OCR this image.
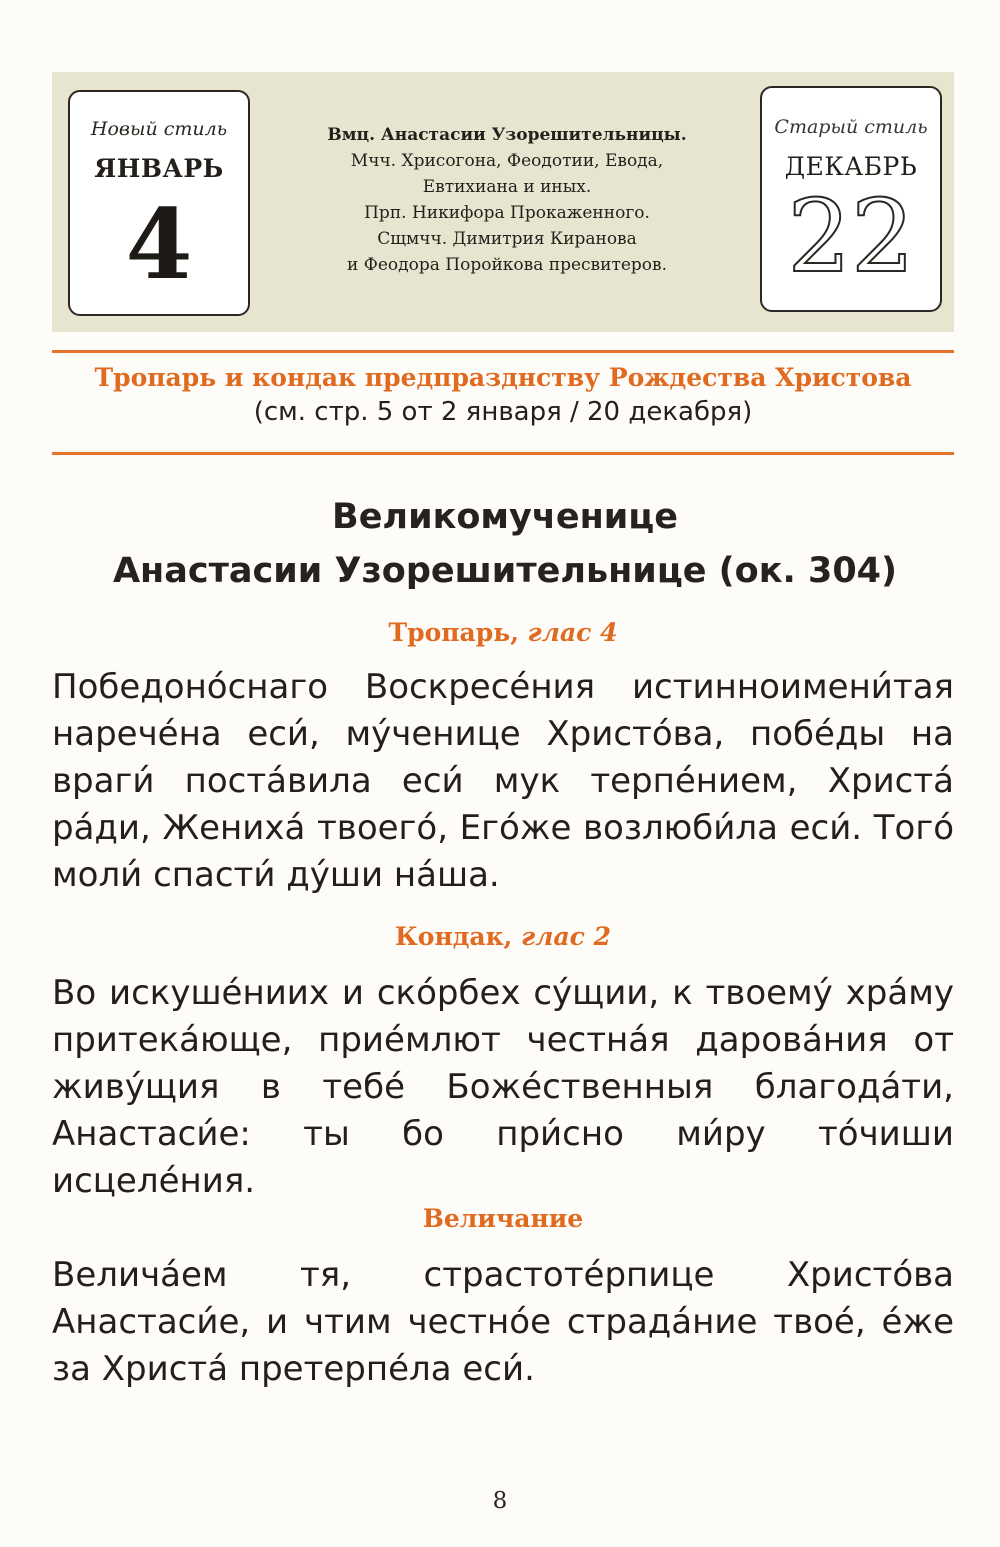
Новый стиль
ЯНВАРЬ
4
Вмц. Анастасии Узорешительницы.
Мчч. Хрисогона, Феодотии, Евода,
Евтихиана и иных.
Прп. Никифора Прокаженного.
Сщмчч. Димитрия Киранова
и Феодора Поройкова пресвитеров.
Старый стиль
ДЕКАБРЬ
22
Тропарь и кондак предпразднству Рождества Христова
(см. стр. 5 от 2 января / 20 декабря)
Великомученице
Анастасии Узорешительнице (ок. 304)
Тропарь, глас 4
Победоно́снаго Воскресе́ния истинноимени́тая нарече́на еси́, му́ченице Христо́ва, побе́ды на враги́ поста́вила еси́ мук терпе́нием, Христа́ ра́ди, Жениха́ твоего́, Его́же возлюби́ла еси́. Того́ моли́ спасти́ ду́ши на́ша.
Кондак, глас 2
Во искуше́ниих и ско́рбех су́щии, к твоему́ хра́му притека́юще, прие́млют честна́я дарова́ния от живу́щия в тебе́ Боже́ственныя благода́ти, Анастаси́е: ты бо при́сно ми́ру то́чиши исцеле́ния.
Величание
Велича́ем тя, страстоте́рпице Христо́ва Анастаси́е, и чтим честно́е страда́ние твое́, е́же за Христа́ претерпе́ла еси́.
8
